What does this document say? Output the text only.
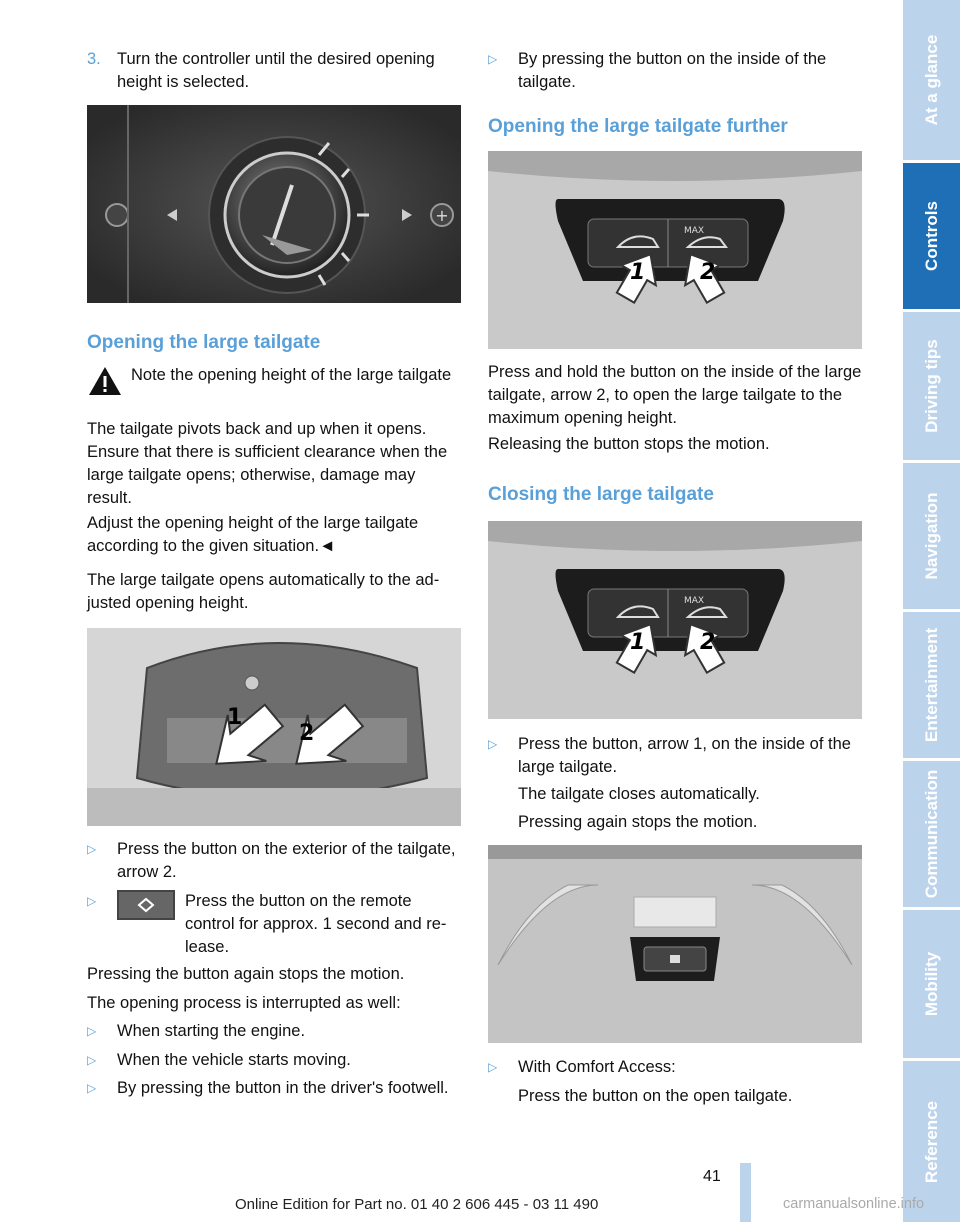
3. Turn the controller until the desired opening height is selected.
+
Opening the large tailgate
Note the opening height of the large tailgate
The tailgate pivots back and up when it opens. Ensure that there is sufficient clearance when the large tailgate opens; otherwise, damage may result.
Adjust the opening height of the large tailgate according to the given situation.◄
The large tailgate opens automatically to the adjusted opening height.
1
2
▷ Press the button on the exterior of the tailgate, arrow 2.
▷	Press the button on the remote control for approx. 1 second and release.
Pressing the button again stops the motion.
The opening process is interrupted as well:
▷ When starting the engine.
▷ When the vehicle starts moving.
▷ By pressing the button in the driver's footwell.
▷ By pressing the button on the inside of the tailgate.
Opening the large tailgate further
MAX
1 2
Press and hold the button on the inside of the large tailgate, arrow 2, to open the large tailgate to the maximum opening height.
Releasing the button stops the motion.
Closing the large tailgate
MAX
1 2
▷ Press the button, arrow 1, on the inside of the large tailgate.
The tailgate closes automatically.
Pressing again stops the motion.
▷ With Comfort Access:
Press the button on the open tailgate.
At a glance
Controls
Driving tips
Navigation
Entertainment
Communication
Mobility
Reference
41
Online Edition for Part no. 01 40 2 606 445 - 03 11 490	carmanualsonline.info
